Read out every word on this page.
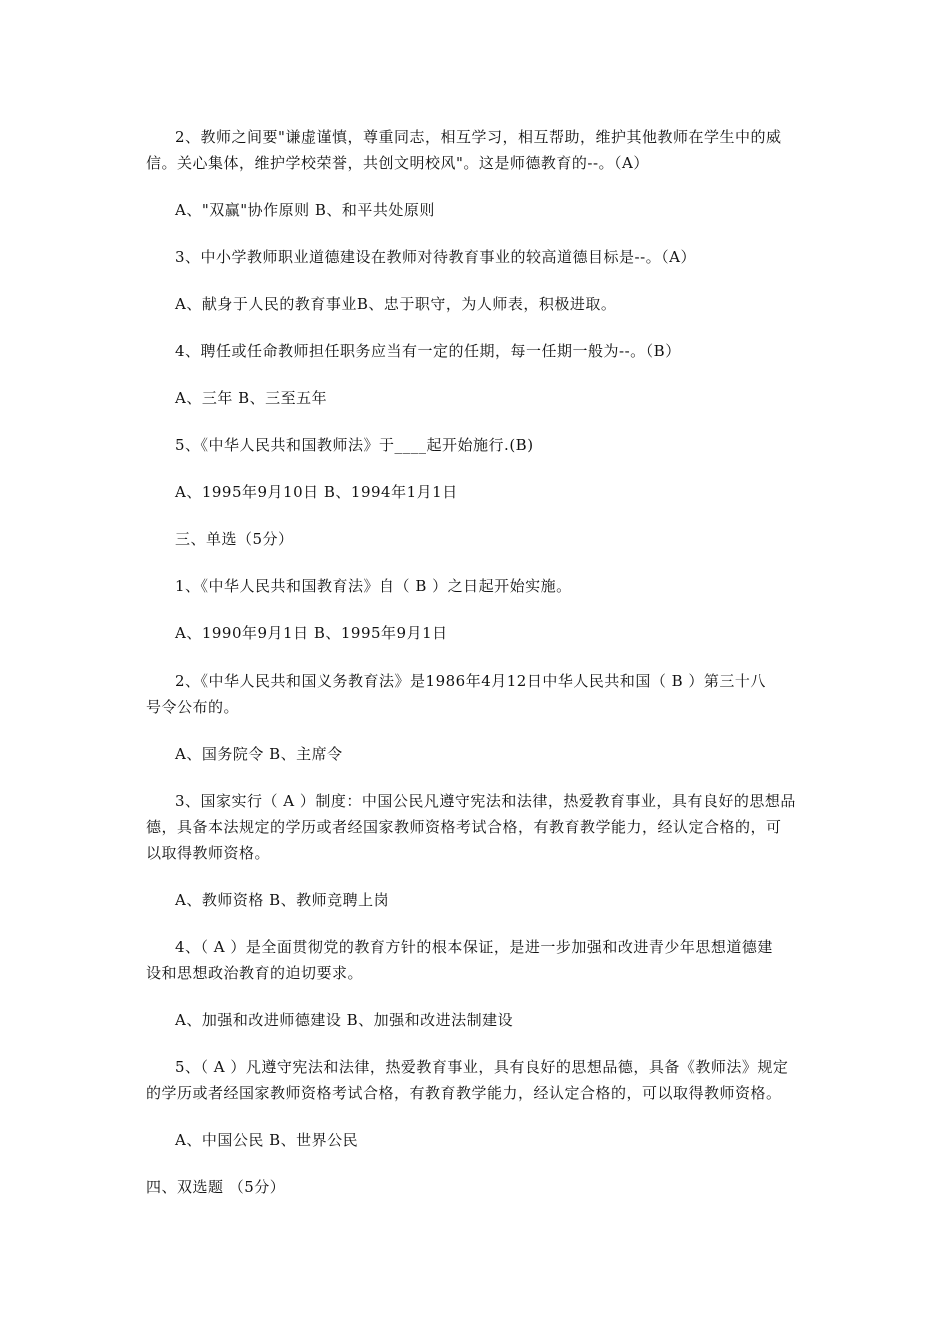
2、教师之间要"谦虚谨慎，尊重同志，相互学习，相互帮助，维护其他教师在学生中的威
信。关心集体，维护学校荣誉，共创文明校风"。这是师德教育的--。（A）
A、"双赢"协作原则 B、和平共处原则
3、中小学教师职业道德建设在教师对待教育事业的较高道德目标是--。（A）
A、献身于人民的教育事业B、忠于职守，为人师表，积极进取。
4、聘任或任命教师担任职务应当有一定的任期，每一任期一般为--。（B）
A、三年 B、三至五年
5、《中华人民共和国教师法》于____起开始施行.(B)
A、1995年9月10日 B、1994年1月1日
三、单选（5分）
1、《中华人民共和国教育法》自（ B ）之日起开始实施。
A、1990年9月1日 B、1995年9月1日
2、《中华人民共和国义务教育法》是1986年4月12日中华人民共和国（ B ）第三十八
号令公布的。
A、国务院令 B、主席令
3、国家实行（ A ）制度：中国公民凡遵守宪法和法律，热爱教育事业，具有良好的思想品
德，具备本法规定的学历或者经国家教师资格考试合格，有教育教学能力，经认定合格的，可
以取得教师资格。
A、教师资格 B、教师竞聘上岗
4、（ A ）是全面贯彻党的教育方针的根本保证，是进一步加强和改进青少年思想道德建
设和思想政治教育的迫切要求。
A、加强和改进师德建设 B、加强和改进法制建设
5、（ A ）凡遵守宪法和法律，热爱教育事业，具有良好的思想品德，具备《教师法》规定
的学历或者经国家教师资格考试合格，有教育教学能力，经认定合格的，可以取得教师资格。
A、中国公民 B、世界公民
四、双选题 （5分）
